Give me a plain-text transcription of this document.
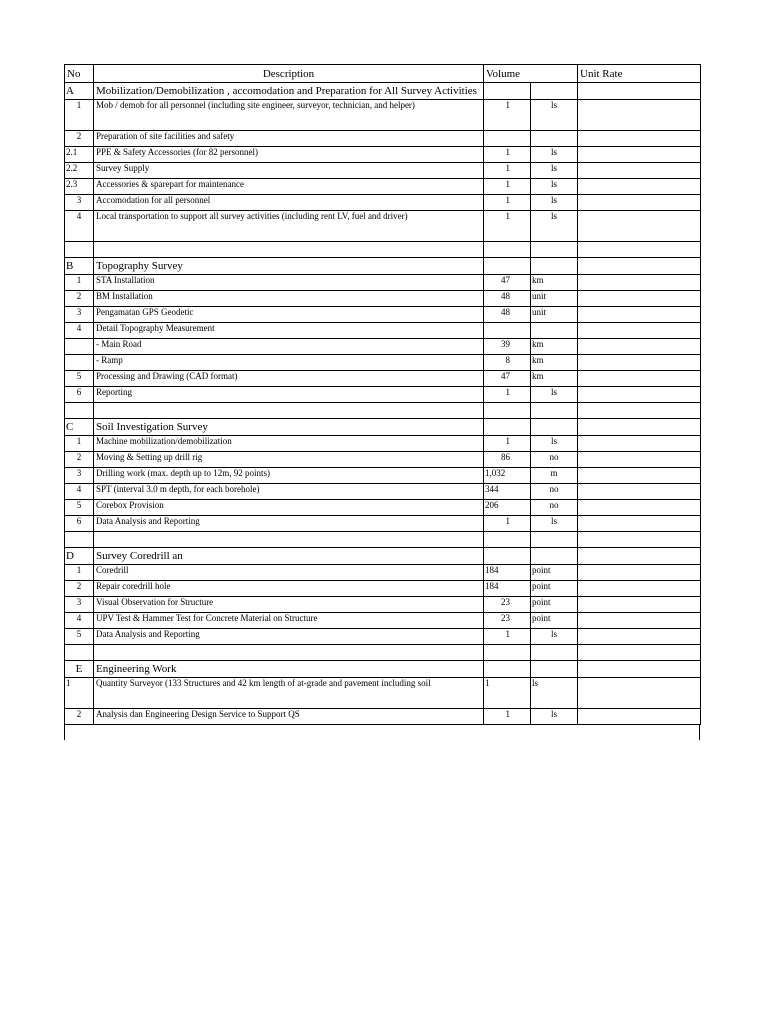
No	Description	Volume		Unit Rate
A	Mobilization/Demobilization , accomodation and Preparation for All Survey Activities			
1	Mob / demob for all personnel (including site engineer, surveyor, technician, and helper)	1	ls	
2	Preparation of site facilities and safety			
2.1	PPE & Safety Accessories (for 82 personnel)	1	ls	
2.2	Survey Supply	1	ls	
2.3	Accessories & sparepart for maintenance	1	ls	
3	Accomodation for all personnel	1	ls	
4	Local transportation to support all survey activities (including rent LV, fuel and driver)	1	ls	

B	Topography Survey			
1	STA Installation	47	km	
2	BM Installation	48	unit	
3	Pengamatan GPS Geodetic	48	unit	
4	Detail Topography Measurement			
	- Main Road	39	km	
	- Ramp	8	km	
5	Processing and Drawing (CAD format)	47	km	
6	Reporting	1	ls	

C	Soil Investigation Survey			
1	Machine mobilization/demobilization	1	ls	
2	Moving & Setting up drill rig	86	no	
3	Drilling work (max. depth up to 12m, 92 points)	1,032	m	
4	SPT (interval 3.0 m depth, for each borehole)	344	no	
5	Corebox Provision	206	no	
6	Data Analysis and Reporting	1	ls	

D	Survey Coredrill an			
1	Coredrill	184	point	
2	Repair coredrill hole	184	point	
3	Visual Observation for Structure	23	point	
4	UPV Test & Hammer Test for Concrete Material on Structure	23	point	
5	Data Analysis and Reporting	1	ls	

E	Engineering Work			
1	Quantity Surveyor (133 Structures and 42 km length of at-grade and pavement including soil	1	ls	
2	Analysis dan Engineering Design Service to Support QS	1	ls	
